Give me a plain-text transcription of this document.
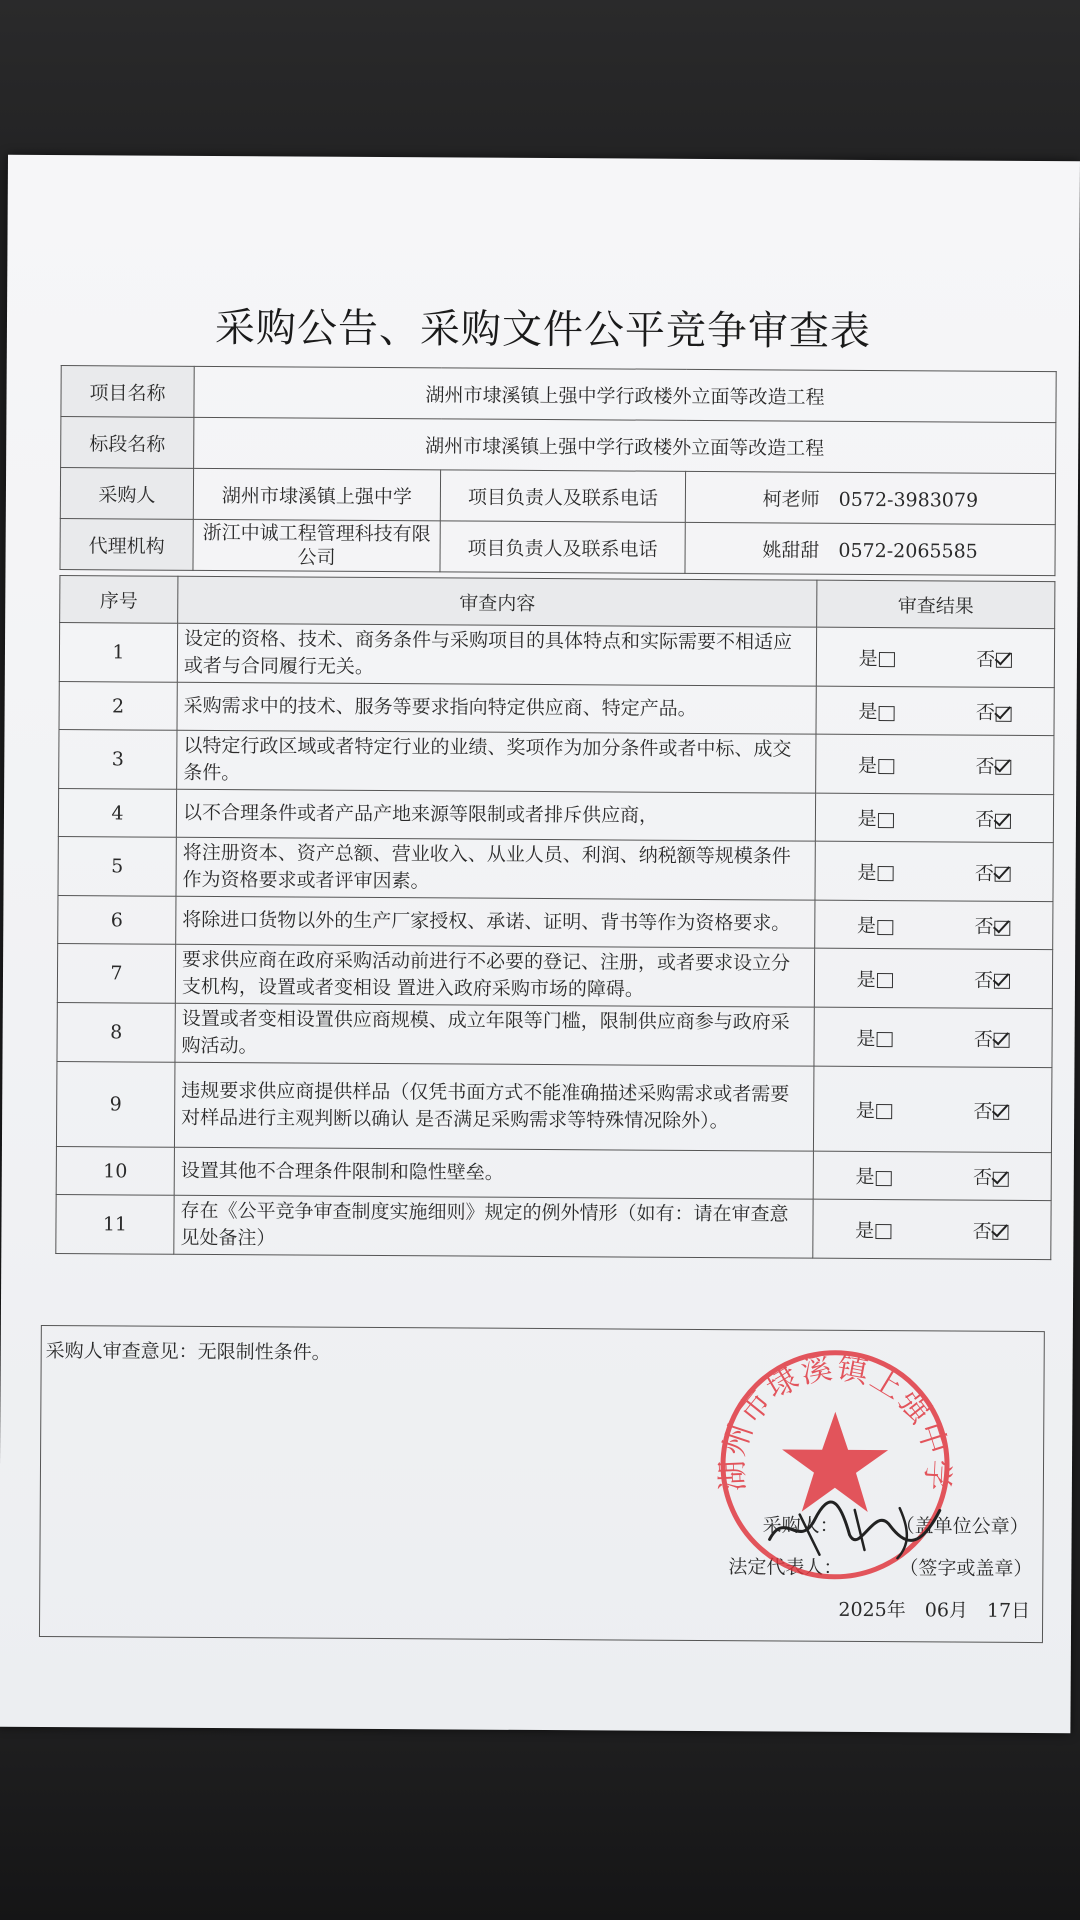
采购公告、采购文件公平竞争审查表
项目名称	湖州市埭溪镇上强中学行政楼外立面等改造工程		
标段名称	湖州市埭溪镇上强中学行政楼外立面等改造工程		
采购人	湖州市埭溪镇上强中学	项目负责人及联系电话	柯老师　0572-3983079
代理机构	浙江中诚工程管理科技有限公司	项目负责人及联系电话	姚甜甜　0572-2065585
序号	审查内容	审查结果
1	设定的资格、技术、商务条件与采购项目的具体特点和实际需要不相适应或者与合同履行无关。	是 否

2	采购需求中的技术、服务等要求指向特定供应商、特定产品。	是 否

3	以特定行政区域或者特定行业的业绩、奖项作为加分条件或者中标、成交条件。	是 否

4	以不合理条件或者产品产地来源等限制或者排斥供应商，	是 否

5	将注册资本、资产总额、营业收入、从业人员、利润、纳税额等规模条件作为资格要求或者评审因素。	是 否

6	将除进口货物以外的生产厂家授权、承诺、证明、背书等作为资格要求。	是 否

7	要求供应商在政府采购活动前进行不必要的登记、注册，或者要求设立分支机构，设置或者变相设 置进入政府采购市场的障碍。	是 否

8	设置或者变相设置供应商规模、成立年限等门槛，限制供应商参与政府采购活动。	是 否

9	违规要求供应商提供样品（仅凭书面方式不能准确描述采购需求或者需要对样品进行主观判断以确认 是否满足采购需求等特殊情况除外）。	是 否

10	设置其他不合理条件限制和隐性壁垒。	是 否

11	存在《公平竞争审查制度实施细则》规定的例外情形（如有：请在审查意见处备注）	是 否
采购人审查意见：无限制性条件。
采购人：　　　　（盖单位公章）
法定代表人：　　　　（签字或盖章）
2025年　06月　17日
湖州市埭溪镇上强中学
